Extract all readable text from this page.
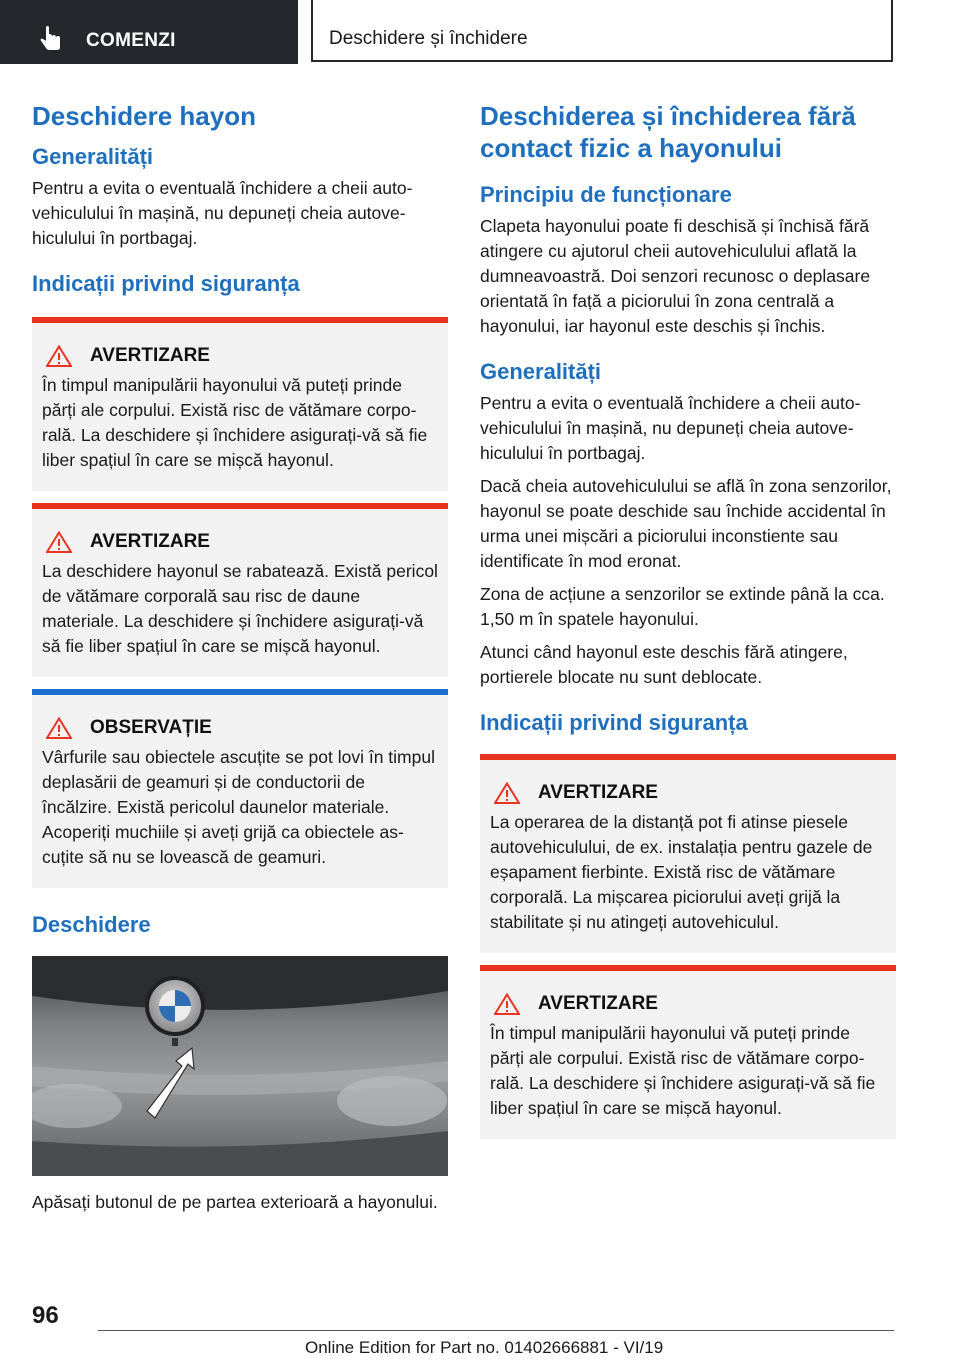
COMENZI	Deschidere și închidere
Deschidere hayon
Generalități

Pentru a evita o eventuală închidere a cheii autovehiculului în mașină, nu depuneți cheia autovehiculului în portbagaj.

Indicații privind siguranța
AVERTIZARE

În timpul manipulării hayonului vă puteți prinde părți ale corpului. Există risc de vătămare corporală. La deschidere și închidere asigurați-vă să fie liber spațiul în care se mișcă hayonul.

AVERTIZARE

La deschidere hayonul se rabatează. Există pericol de vătămare corporală sau risc de daune materiale. La deschidere și închidere asigurați-vă să fie liber spațiul în care se mișcă hayonul.

OBSERVAȚIE

Vârfurile sau obiectele ascuțite se pot lovi în timpul deplasării de geamuri și de conductorii de încălzire. Există pericolul daunelor materiale. Acoperiți muchiile și aveți grijă ca obiectele ascuțite să nu se lovească de geamuri.

Deschidere

Apăsați butonul de pe partea exterioară a hayonului.

Deschiderea și închiderea fără contact fizic a hayonului
Principiu de funcționare

Clapeta hayonului poate fi deschisă și închisă fără atingere cu ajutorul cheii autovehiculului aflată la dumneavoastră. Doi senzori recunosc o deplasare orientată în față a piciorului în zona centrală a hayonului, iar hayonul este deschis și închis.

Generalități

Pentru a evita o eventuală închidere a cheii autovehiculului în mașină, nu depuneți cheia autovehiculului în portbagaj.

Dacă cheia autovehiculului se află în zona senzorilor, hayonul se poate deschide sau închide accidental în urma unei mișcări a piciorului inconstiente sau identificate în mod eronat.

Zona de acțiune a senzorilor se extinde până la cca. 1,50 m în spatele hayonului.

Atunci când hayonul este deschis fără atingere, portierele blocate nu sunt deblocate.

Indicații privind siguranța
AVERTIZARE

La operarea de la distanță pot fi atinse piesele autovehiculului, de ex. instalația pentru gazele de eșapament fierbinte. Există risc de vătămare corporală. La mișcarea piciorului aveți grijă la stabilitate și nu atingeți autovehiculul.

AVERTIZARE

În timpul manipulării hayonului vă puteți prinde părți ale corpului. Există risc de vătămare corporală. La deschidere și închidere asigurați-vă să fie liber spațiul în care se mișcă hayonul.

96
Online Edition for Part no. 01402666881 - VI/19
